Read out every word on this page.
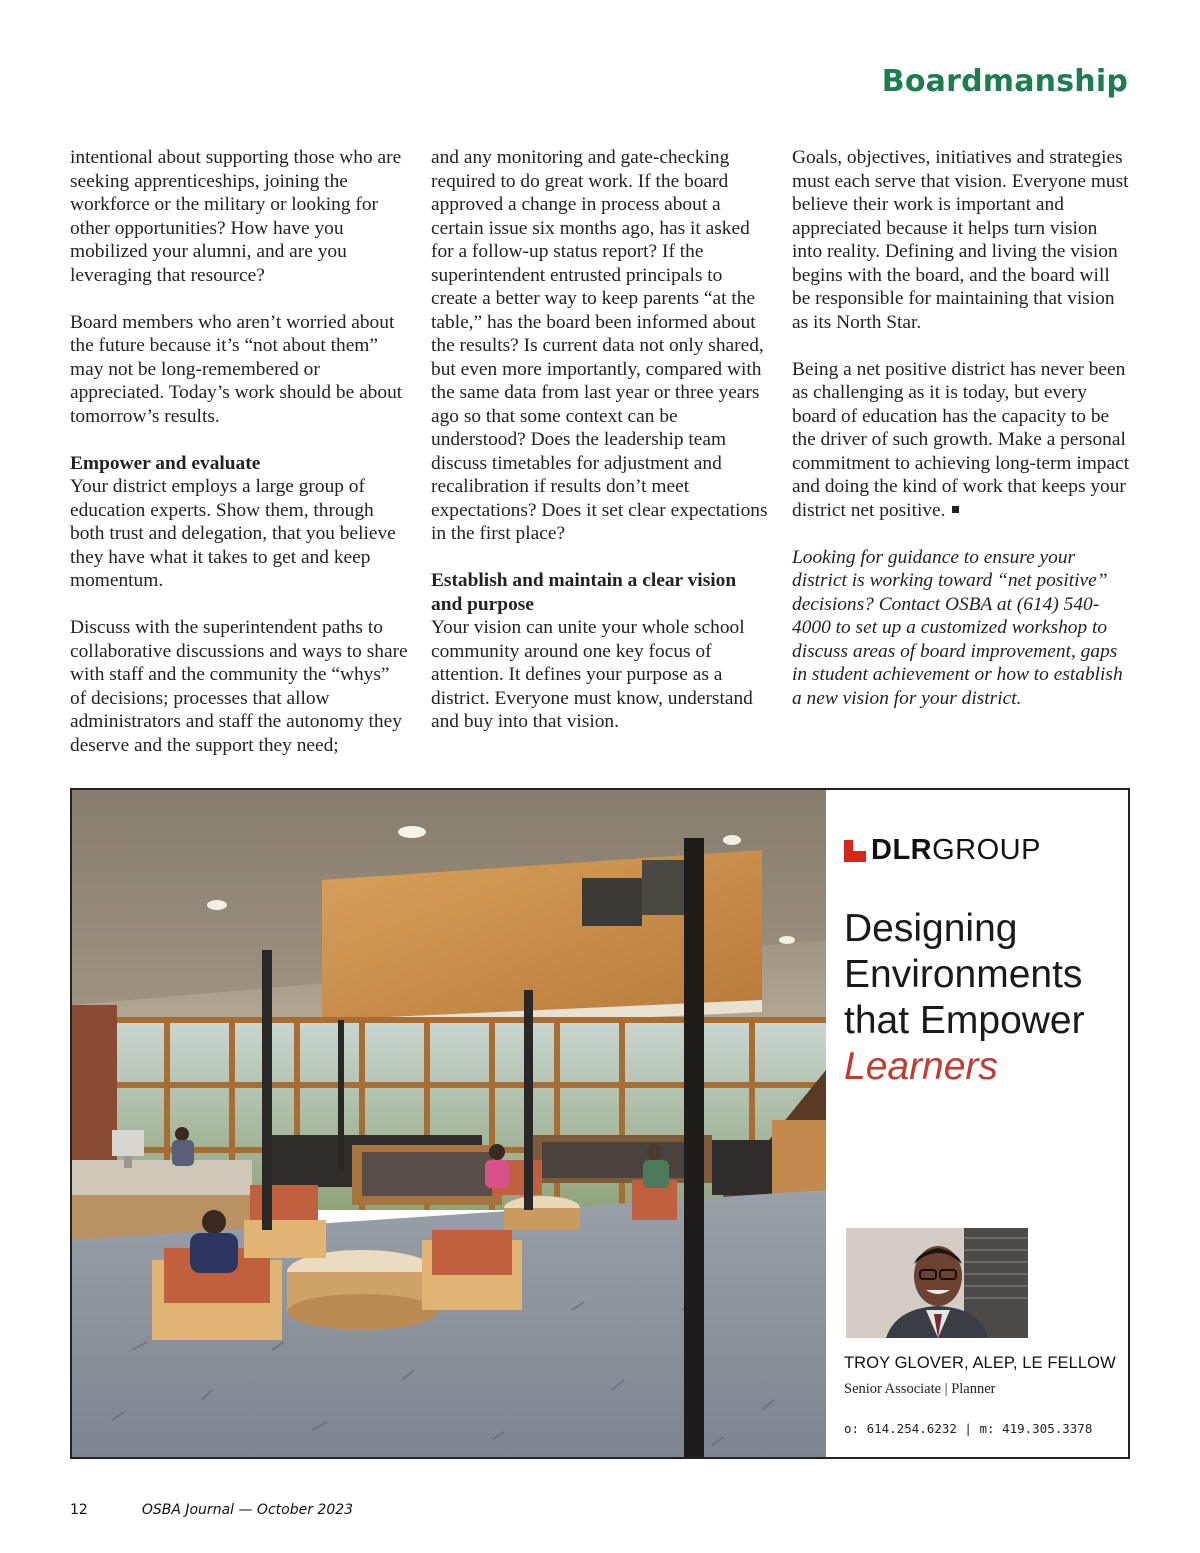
Boardmanship

intentional about supporting those who are seeking apprenticeships, joining the workforce or the military or looking for other opportunities? How have you mobilized your alumni, and are you leveraging that resource?

Board members who aren’t worried about the future because it’s “not about them” may not be long-remembered or appreciated. Today’s work should be about tomorrow’s results.

Empower and evaluate

Your district employs a large group of education experts. Show them, through both trust and delegation, that you believe they have what it takes to get and keep momentum.

Discuss with the superintendent paths to collaborative discussions and ways to share with staff and the community the “whys” of decisions; processes that allow administrators and staff the autonomy they deserve and the support they need;

and any monitoring and gate-checking required to do great work. If the board approved a change in process about a certain issue six months ago, has it asked for a follow-up status report? If the superintendent entrusted principals to create a better way to keep parents “at the table,” has the board been informed about the results? Is current data not only shared, but even more importantly, compared with the same data from last year or three years ago so that some context can be understood? Does the leadership team discuss timetables for adjustment and recalibration if results don’t meet expectations? Does it set clear expectations in the first place?

Establish and maintain a clear vision and purpose

Your vision can unite your whole school community around one key focus of attention. It defines your purpose as a district. Everyone must know, understand and buy into that vision.

Goals, objectives, initiatives and strategies must each serve that vision. Everyone must believe their work is important and appreciated because it helps turn vision into reality. Defining and living the vision begins with the board, and the board will be responsible for maintaining that vision as its North Star.

Being a net positive district has never been as challenging as it is today, but every board of education has the capacity to be the driver of such growth. Make a personal commitment to achieving long-term impact and doing the kind of work that keeps your district net positive.

Looking for guidance to ensure your district is working toward “net positive” decisions? Contact OSBA at (614) 540-4000 to set up a customized workshop to discuss areas of board improvement, gaps in student achievement or how to establish a new vision for your district.

DLRGROUP
Designing Environments that Empower
Learners
TROY GLOVER, ALEP, LE FELLOW
Senior Associate | Planner
o: 614.254.6232 | m: 419.305.3378
12	OSBA Journal — October 2023
